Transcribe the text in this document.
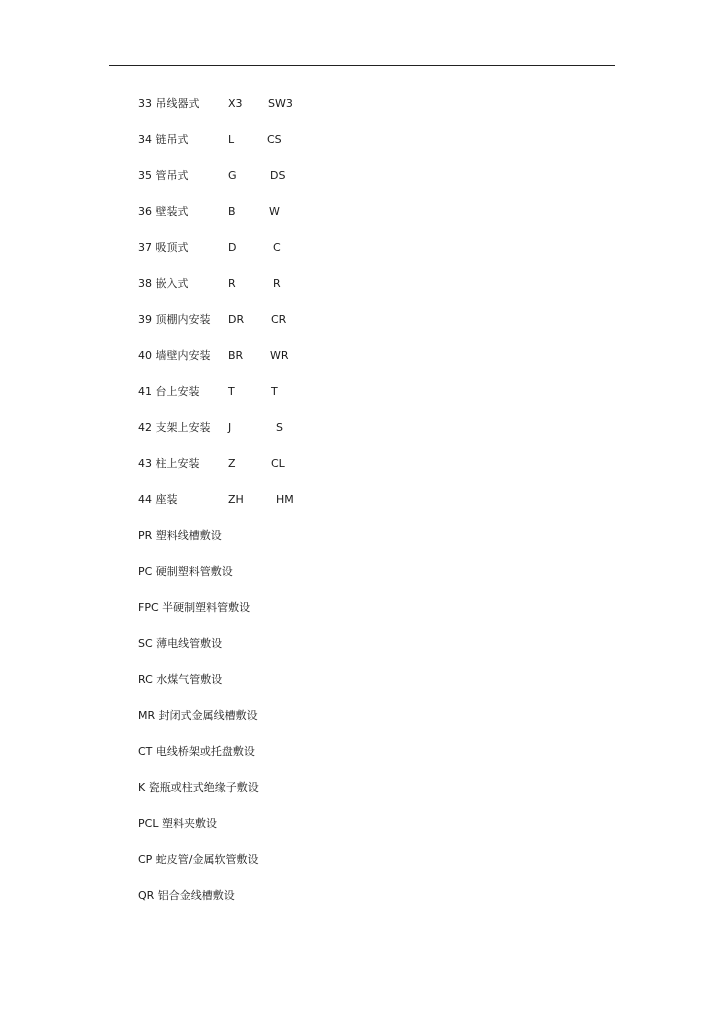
33 吊线器式	X3 SW3
34 链吊式	L	CS
35 管吊式	G	DS
36 壁装式	B	W
37 吸顶式	D	C
38 嵌入式	R	R
39 顶棚内安装 DR CR
40 墙壁内安装 BR WR
41 台上安装	T	T
42 支架上安装 J	S
43 柱上安装	Z	CL
44 座装	ZH	HM
PR 塑料线槽敷设
PC 硬制塑料管敷设
FPC 半硬制塑料管敷设
SC 薄电线管敷设
RC 水煤气管敷设
MR 封闭式金属线槽敷设
CT 电线桥架或托盘敷设
K 瓷瓶或柱式绝缘子敷设
PCL 塑料夹敷设
CP 蛇皮管/金属软管敷设
QR 铝合金线槽敷设
